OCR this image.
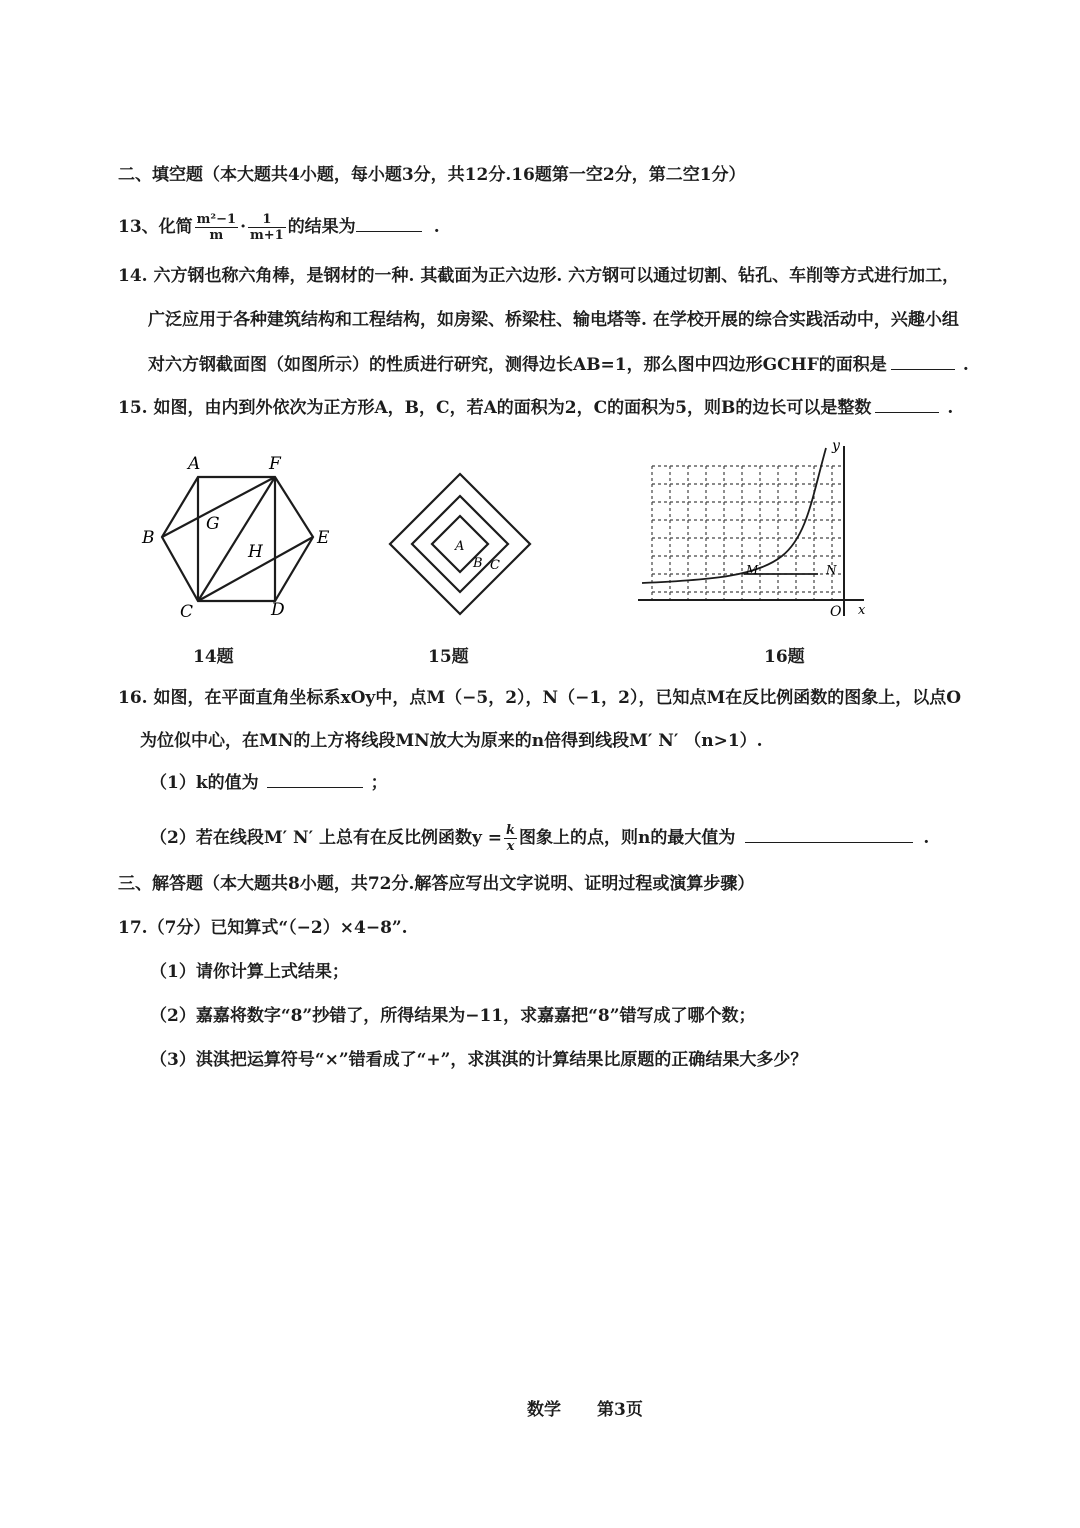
二、填空题（本大题共4小题，每小题3分，共12分.16题第一空2分，第二空1分）
13、化简 $\frac{\text{m²−1}}{m} \cdot \frac{1}{m+1}$ 的结果为	.
14. 六方钢也称六角棒，是钢材的一种. 其截面为正六边形. 六方钢可以通过切割、钻孔、车削等方式进行加工，
广泛应用于各种建筑结构和工程结构，如房梁、桥梁柱、输电塔等. 在学校开展的综合实践活动中，兴趣小组
对六方钢截面图（如图所示）的性质进行研究，测得边长AB=1，那么图中四边形GCHF的面积是	.
15. 如图，由内到外依次为正方形A，B，C，若A的面积为2，C的面积为5，则B的边长可以是整数	.
A	F
B
G
E
H
C	D
14题
A
B C
15题
y
x
O
M	N
16题
16. 如图，在平面直角坐标系xOy中，点M（−5，2），N（−1，2），已知点M在反比例函数的图象上，以点O
为位似中心，在MN的上方将线段MN放大为原来的n倍得到线段M′ N′ （n>1）.
（1）k的值为	；
（2）若在线段M′ N′ 上总有在反比例函数$y = \frac{k}{x}$ 图象上的点，则n的最大值为	.
三、解答题（本大题共8小题，共72分.解答应写出文字说明、证明过程或演算步骤）
17.（7分）已知算式“（−2）×4−8”.
（1）请你计算上式结果；
（2）嘉嘉将数字“8”抄错了，所得结果为−11，求嘉嘉把“8”错写成了哪个数；
（3）淇淇把运算符号“×”错看成了“+”，求淇淇的计算结果比原题的正确结果大多少？
数学 第3页
